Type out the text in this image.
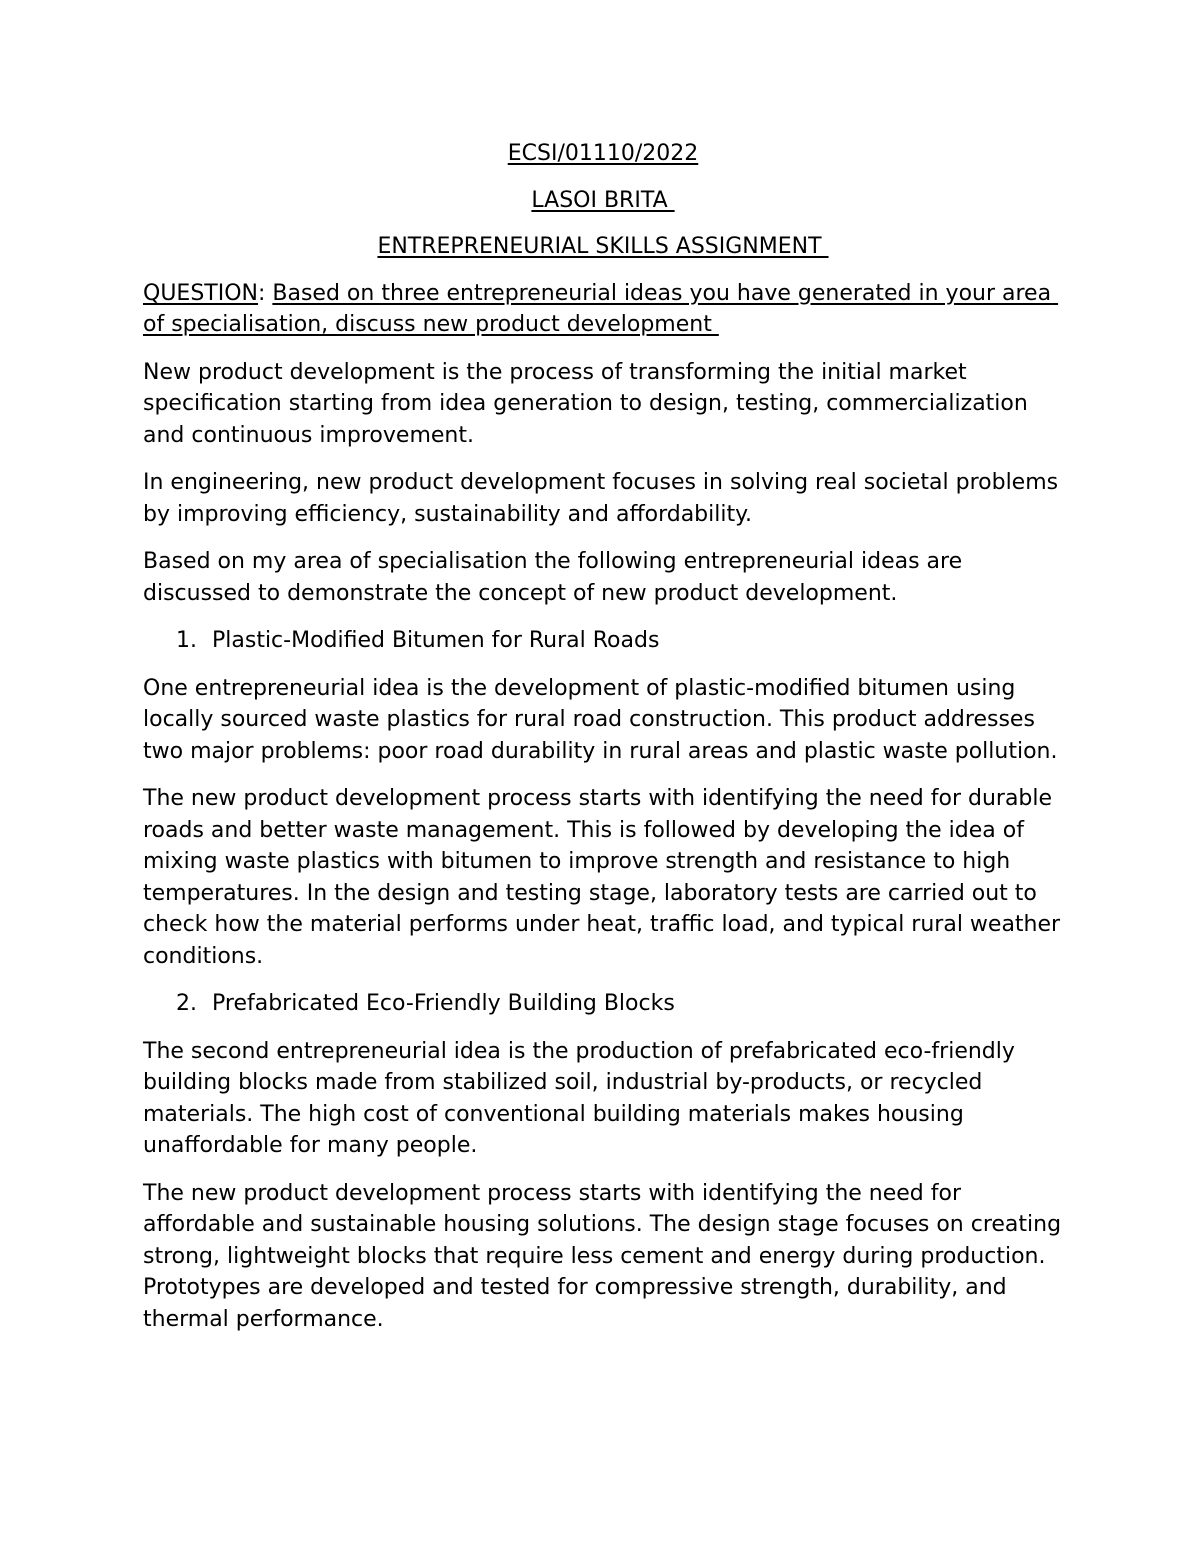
ECSI/01110/2022
LASOI BRITA
ENTREPRENEURIAL SKILLS ASSIGNMENT

QUESTION: Based on three entrepreneurial ideas you have generated in your area of specialisation, discuss new product development

New product development is the process of transforming the initial market specification starting from idea generation to design, testing, commercialization and continuous improvement.

In engineering, new product development focuses in solving real societal problems by improving efficiency, sustainability and affordability.

Based on my area of specialisation the following entrepreneurial ideas are discussed to demonstrate the concept of new product development.

1. Plastic-Modified Bitumen for Rural Roads

One entrepreneurial idea is the development of plastic-modified bitumen using locally sourced waste plastics for rural road construction. This product addresses two major problems: poor road durability in rural areas and plastic waste pollution.

The new product development process starts with identifying the need for durable roads and better waste management. This is followed by developing the idea of mixing waste plastics with bitumen to improve strength and resistance to high temperatures. In the design and testing stage, laboratory tests are carried out to check how the material performs under heat, traffic load, and typical rural weather conditions.

2. Prefabricated Eco-Friendly Building Blocks

The second entrepreneurial idea is the production of prefabricated eco-friendly building blocks made from stabilized soil, industrial by-products, or recycled materials. The high cost of conventional building materials makes housing unaffordable for many people.

The new product development process starts with identifying the need for affordable and sustainable housing solutions. The design stage focuses on creating strong, lightweight blocks that require less cement and energy during production. Prototypes are developed and tested for compressive strength, durability, and thermal performance.
